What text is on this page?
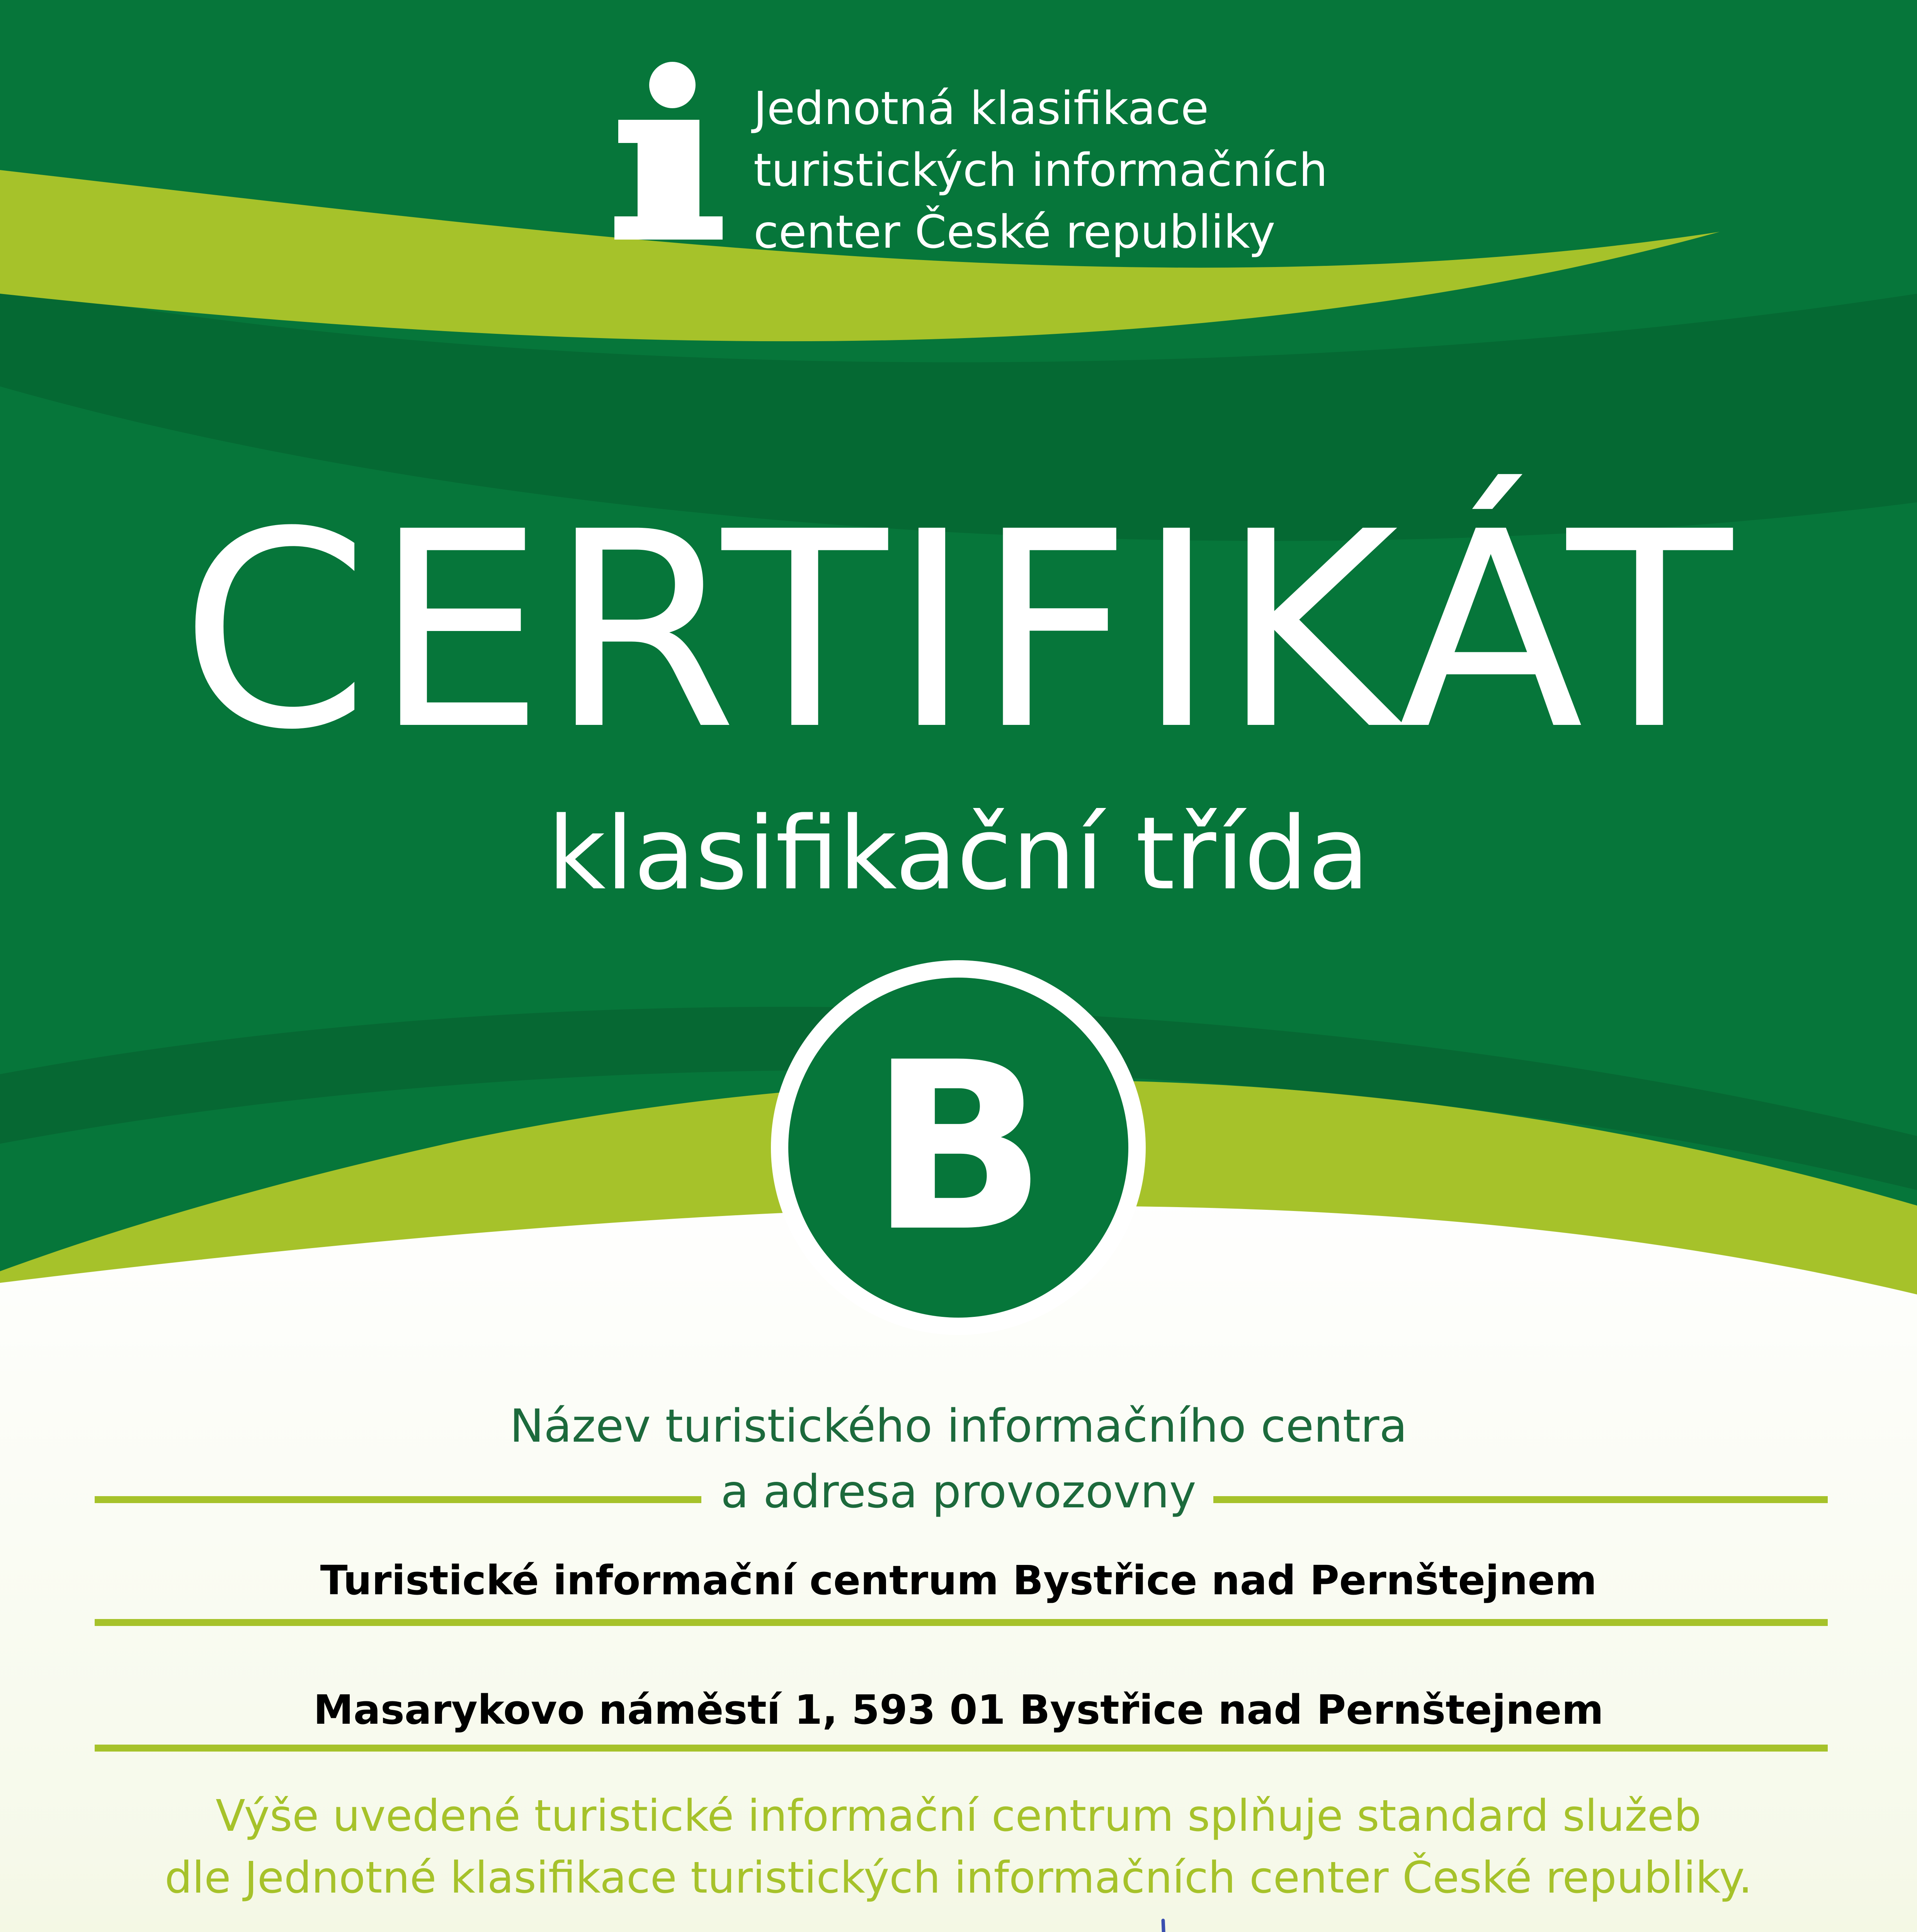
Jednotná klasifikace
turistických informačních
center České republiky
CERTIFIKÁT
klasifikační třída
B
Název turistického informačního centra
a adresa provozovny
Turistické informační centrum Bystřice nad Pernštejnem
Masarykovo náměstí 1, 593 01 Bystřice nad Pernštejnem
Výše uvedené turistické informační centrum splňuje standard služeb
dle Jednotné klasifikace turistických informačních center České republiky.
